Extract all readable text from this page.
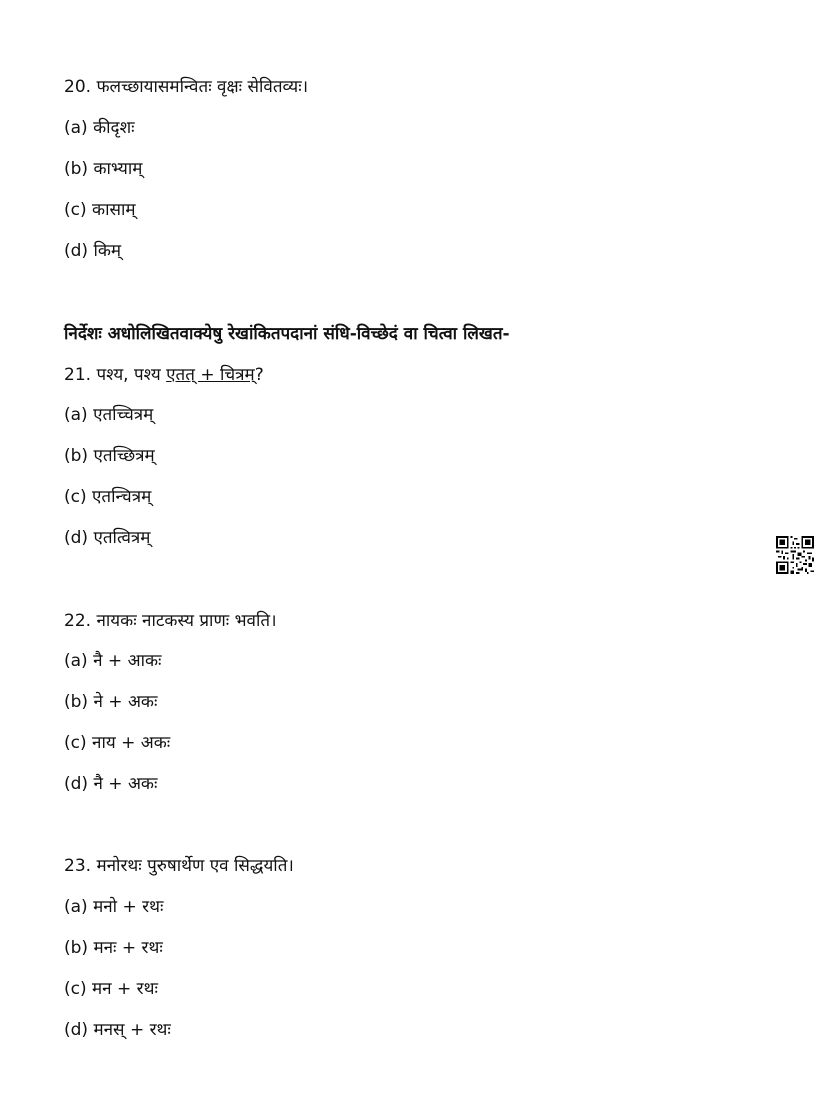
20. फलच्छायासमन्वितः वृक्षः सेवितव्यः।
(a) कीदृशः
(b) काभ्याम्
(c) कासाम्
(d) किम्
निर्देशः अधोलिखितवाक्येषु रेखांकितपदानां संधि-विच्छेदं वा चित्वा लिखत-
21. पश्य, पश्य एतत् + चित्रम्?
(a) एतच्चित्रम्
(b) एतच्छित्रम्
(c) एतन्चित्रम्
(d) एतत्वित्रम्
22. नायकः नाटकस्य प्राणः भवति।
(a) नै + आकः
(b) ने + अकः
(c) नाय + अकः
(d) नै + अकः
23. मनोरथः पुरुषार्थेण एव सिद्धयति।
(a) मनो + रथः
(b) मनः + रथः
(c) मन + रथः
(d) मनस् + रथः
